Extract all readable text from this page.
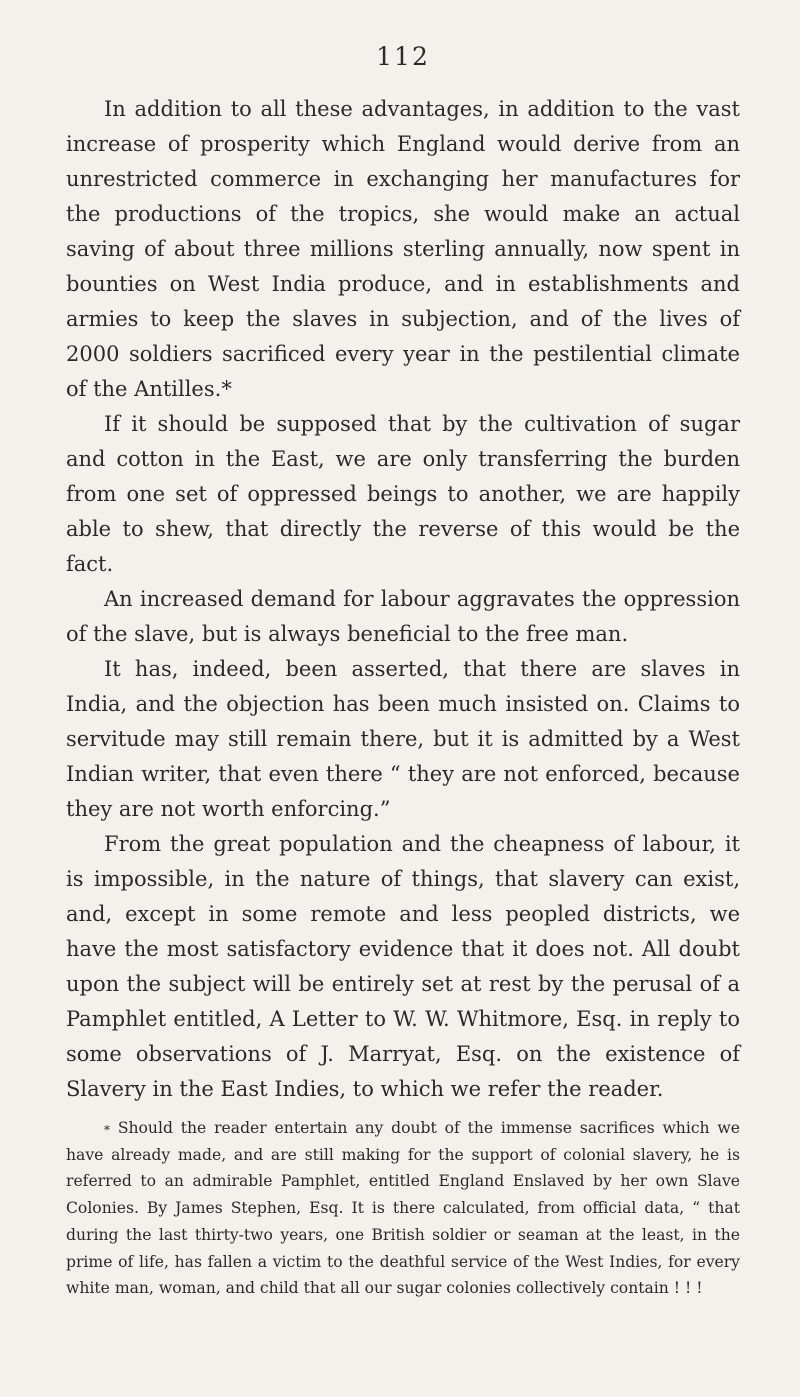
112

In addition to all these advantages, in addition to the vast increase of prosperity which England would derive from an unrestricted commerce in exchanging her manufactures for the productions of the tropics, she would make an actual saving of about three millions sterling annually, now spent in bounties on West India produce, and in establishments and armies to keep the slaves in subjection, and of the lives of 2000 soldiers sacrificed every year in the pestilential climate of the Antilles.*

If it should be supposed that by the cultivation of sugar and cotton in the East, we are only transferring the burden from one set of oppressed beings to another, we are happily able to shew, that directly the reverse of this would be the fact.

An increased demand for labour aggravates the oppression of the slave, but is always beneficial to the free man.

It has, indeed, been asserted, that there are slaves in India, and the objection has been much insisted on. Claims to servitude may still remain there, but it is admitted by a West Indian writer, that even there “ they are not enforced, because they are not worth enforcing.”

From the great population and the cheapness of labour, it is impossible, in the nature of things, that slavery can exist, and, except in some remote and less peopled districts, we have the most satisfactory evidence that it does not. All doubt upon the subject will be entirely set at rest by the perusal of a Pamphlet entitled, A Letter to W. W. Whitmore, Esq. in reply to some observations of J. Marryat, Esq. on the existence of Slavery in the East Indies, to which we refer the reader.

* Should the reader entertain any doubt of the immense sacrifices which we have already made, and are still making for the support of colonial slavery, he is referred to an admirable Pamphlet, entitled England Enslaved by her own Slave Colonies. By James Stephen, Esq. It is there calculated, from official data, “ that during the last thirty-two years, one British soldier or seaman at the least, in the prime of life, has fallen a victim to the deathful service of the West Indies, for every white man, woman, and child that all our sugar colonies collectively contain ! ! !
